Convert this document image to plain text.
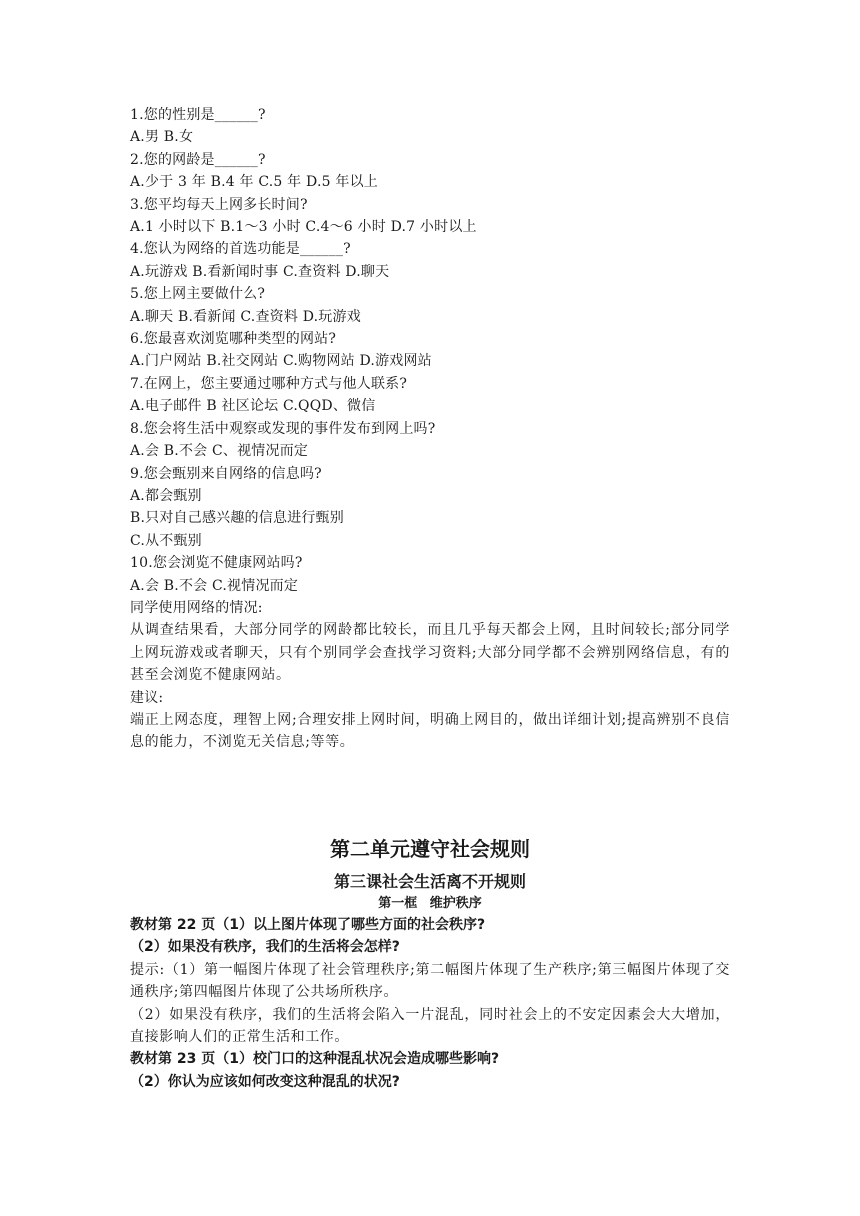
1.您的性别是______?
A.男 B.女
2.您的网龄是______?
A.少于 3 年 B.4 年 C.5 年 D.5 年以上
3.您平均每天上网多长时间?
A.1 小时以下 B.1～3 小时 C.4～6 小时 D.7 小时以上
4.您认为网络的首选功能是______?
A.玩游戏 B.看新闻时事 C.查资料 D.聊天
5.您上网主要做什么?
A.聊天 B.看新闻 C.查资料 D.玩游戏
6.您最喜欢浏览哪种类型的网站?
A.门户网站 B.社交网站 C.购物网站 D.游戏网站
7.在网上，您主要通过哪种方式与他人联系?
A.电子邮件 B 社区论坛 C.QQD、微信
8.您会将生活中观察或发现的事件发布到网上吗?
A.会 B.不会 C、视情况而定
9.您会甄别来自网络的信息吗?
A.都会甄别
B.只对自己感兴趣的信息进行甄别
C.从不甄别
10.您会浏览不健康网站吗?
A.会 B.不会 C.视情况而定
同学使用网络的情况:
从调查结果看，大部分同学的网龄都比较长，而且几乎每天都会上网，且时间较长;部分同学上网玩游戏或者聊天，只有个别同学会查找学习资料;大部分同学都不会辨别网络信息，有的甚至会浏览不健康网站。
建议:
端正上网态度，理智上网;合理安排上网时间，明确上网目的，做出详细计划;提高辨别不良信息的能力，不浏览无关信息;等等。
第二单元遵守社会规则
第三课社会生活离不开规则
第一框 维护秩序
教材第 22 页（1）以上图片体现了哪些方面的社会秩序?
（2）如果没有秩序，我们的生活将会怎样?
提示:（1）第一幅图片体现了社会管理秩序;第二幅图片体现了生产秩序;第三幅图片体现了交通秩序;第四幅图片体现了公共场所秩序。
（2）如果没有秩序，我们的生活将会陷入一片混乱，同时社会上的不安定因素会大大增加，直接影响人们的正常生活和工作。
教材第 23 页（1）校门口的这种混乱状况会造成哪些影响?
（2）你认为应该如何改变这种混乱的状况?
